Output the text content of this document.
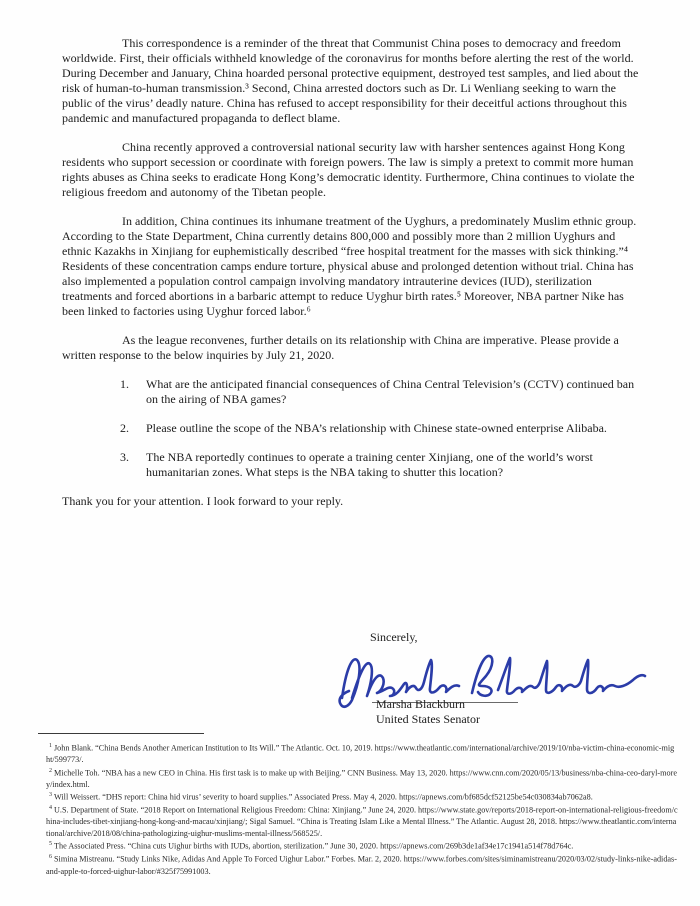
This correspondence is a reminder of the threat that Communist China poses to democracy and freedom worldwide. First, their officials withheld knowledge of the coronavirus for months before alerting the rest of the world. During December and January, China hoarded personal protective equipment, destroyed test samples, and lied about the risk of human-to-human transmission.³ Second, China arrested doctors such as Dr. Li Wenliang seeking to warn the public of the virus’ deadly nature. China has refused to accept responsibility for their deceitful actions throughout this pandemic and manufactured propaganda to deflect blame.

China recently approved a controversial national security law with harsher sentences against Hong Kong residents who support secession or coordinate with foreign powers. The law is simply a pretext to commit more human rights abuses as China seeks to eradicate Hong Kong’s democratic identity. Furthermore, China continues to violate the religious freedom and autonomy of the Tibetan people.

In addition, China continues its inhumane treatment of the Uyghurs, a predominately Muslim ethnic group. According to the State Department, China currently detains 800,000 and possibly more than 2 million Uyghurs and ethnic Kazakhs in Xinjiang for euphemistically described “free hospital treatment for the masses with sick thinking.”⁴ Residents of these concentration camps endure torture, physical abuse and prolonged detention without trial. China has also implemented a population control campaign involving mandatory intrauterine devices (IUD), sterilization treatments and forced abortions in a barbaric attempt to reduce Uyghur birth rates.⁵ Moreover, NBA partner Nike has been linked to factories using Uyghur forced labor.⁶

As the league reconvenes, further details on its relationship with China are imperative. Please provide a written response to the below inquiries by July 21, 2020.

1.	What are the anticipated financial consequences of China Central Television’s (CCTV) continued ban on the airing of NBA games?
2.	Please outline the scope of the NBA’s relationship with Chinese state-owned enterprise Alibaba.
3.	The NBA reportedly continues to operate a training center Xinjiang, one of the world’s worst humanitarian zones. What steps is the NBA taking to shutter this location?

Thank you for your attention. I look forward to your reply.

Sincerely,
Marsha Blackburn
United States Senator

$^1$ John Blank. “China Bends Another American Institution to Its Will.” The Atlantic. Oct. 10, 2019. https://www.theatlantic.com/international/archive/2019/10/nba-victim-china-economic-might/599773/.

$^2$ Michelle Toh. “NBA has a new CEO in China. His first task is to make up with Beijing.” CNN Business. May 13, 2020. https://www.cnn.com/2020/05/13/business/nba-china-ceo-daryl-morey/index.html.

$^3$ Will Weissert. “DHS report: China hid virus’ severity to hoard supplies.” Associated Press. May 4, 2020. https://apnews.com/bf685dcf52125be54c030834ab7062a8.

$^4$ U.S. Department of State. “2018 Report on International Religious Freedom: China: Xinjiang.” June 24, 2020. https://www.state.gov/reports/2018-report-on-international-religious-freedom/china-includes-tibet-xinjiang-hong-kong-and-macau/xinjiang/; Sigal Samuel. “China is Treating Islam Like a Mental Illness.” The Atlantic. August 28, 2018. https://www.theatlantic.com/international/archive/2018/08/china-pathologizing-uighur-muslims-mental-illness/568525/.

$^5$ The Associated Press. “China cuts Uighur births with IUDs, abortion, sterilization.” June 30, 2020. https://apnews.com/269b3de1af34e17c1941a514f78d764c.

$^6$ Simina Mistreanu. “Study Links Nike, Adidas And Apple To Forced Uighur Labor.” Forbes. Mar. 2, 2020. https://www.forbes.com/sites/siminamistreanu/2020/03/02/study-links-nike-adidas-and-apple-to-forced-uighur-labor/#325f75991003.
